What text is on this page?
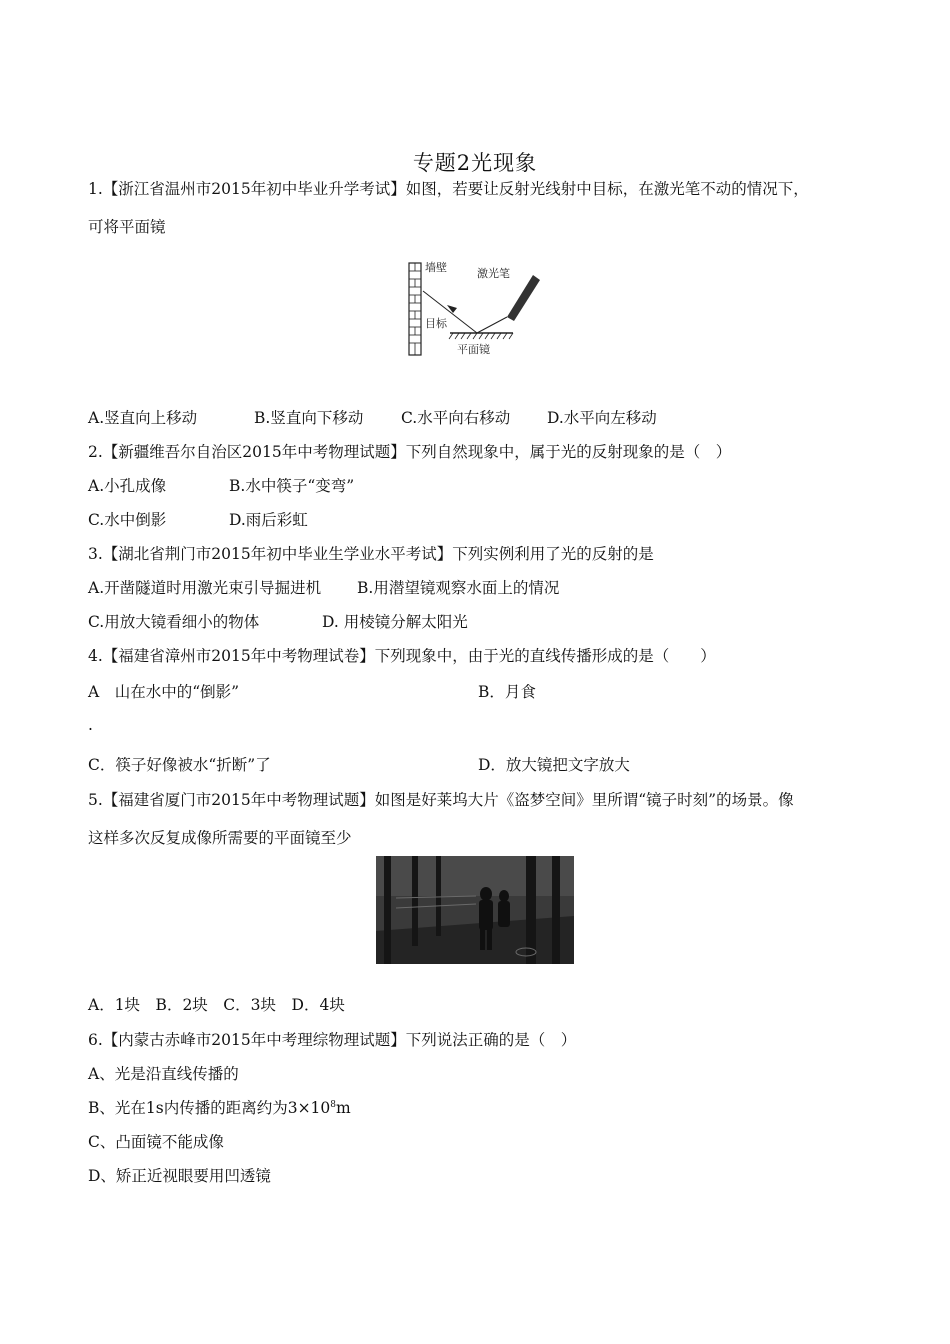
专题2光现象
1.【浙江省温州市2015年初中毕业升学考试】如图，若要让反射光线射中目标，在激光笔不动的情况下，
可将平面镜
墙壁	激光笔
目标
平面镜
A.竖直向上移动	B.竖直向下移动 C.水平向右移动 D.水平向左移动
2.【新疆维吾尔自治区2015年中考物理试题】下列自然现象中，属于光的反射现象的是（　）
A.小孔成像	B.水中筷子“变弯”
C.水中倒影	D.雨后彩虹
3.【湖北省荆门市2015年初中毕业生学业水平考试】下列实例利用了光的反射的是
A.开凿隧道时用激光束引导掘进机 B.用潜望镜观察水面上的情况
C.用放大镜看细小的物体	D. 用棱镜分解太阳光
4.【福建省漳州市2015年中考物理试卷】下列现象中，由于光的直线传播形成的是（　　）
A　山在水中的“倒影”	B．月食
.
C．筷子好像被水“折断”了	D．放大镜把文字放大
5.【福建省厦门市2015年中考物理试题】如图是好莱坞大片《盗梦空间》里所谓“镜子时刻”的场景。像
这样多次反复成像所需要的平面镜至少
A．1块　B．2块　C．3块　D．4块
6.【内蒙古赤峰市2015年中考理综物理试题】下列说法正确的是（　）
A、光是沿直线传播的
B、光在1s内传播的距离约为$3\times 10^8m$
C、凸面镜不能成像
D、矫正近视眼要用凹透镜
